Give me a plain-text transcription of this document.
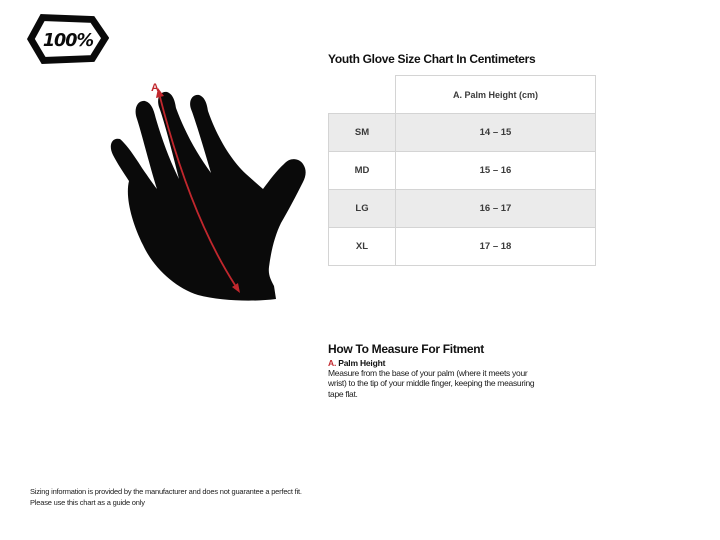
100%
A
Youth Glove Size Chart In Centimeters
	A. Palm Height (cm)
SM	14 – 15
MD	15 – 16
LG	16 – 17
XL	17 – 18
How To Measure For Fitment
A. Palm Height
Measure from the base of your palm (where it meets your wrist) to the tip of your middle finger, keeping the measuring tape flat.
Sizing information is provided by the manufacturer and does not guarantee a perfect fit.
Please use this chart as a guide only
